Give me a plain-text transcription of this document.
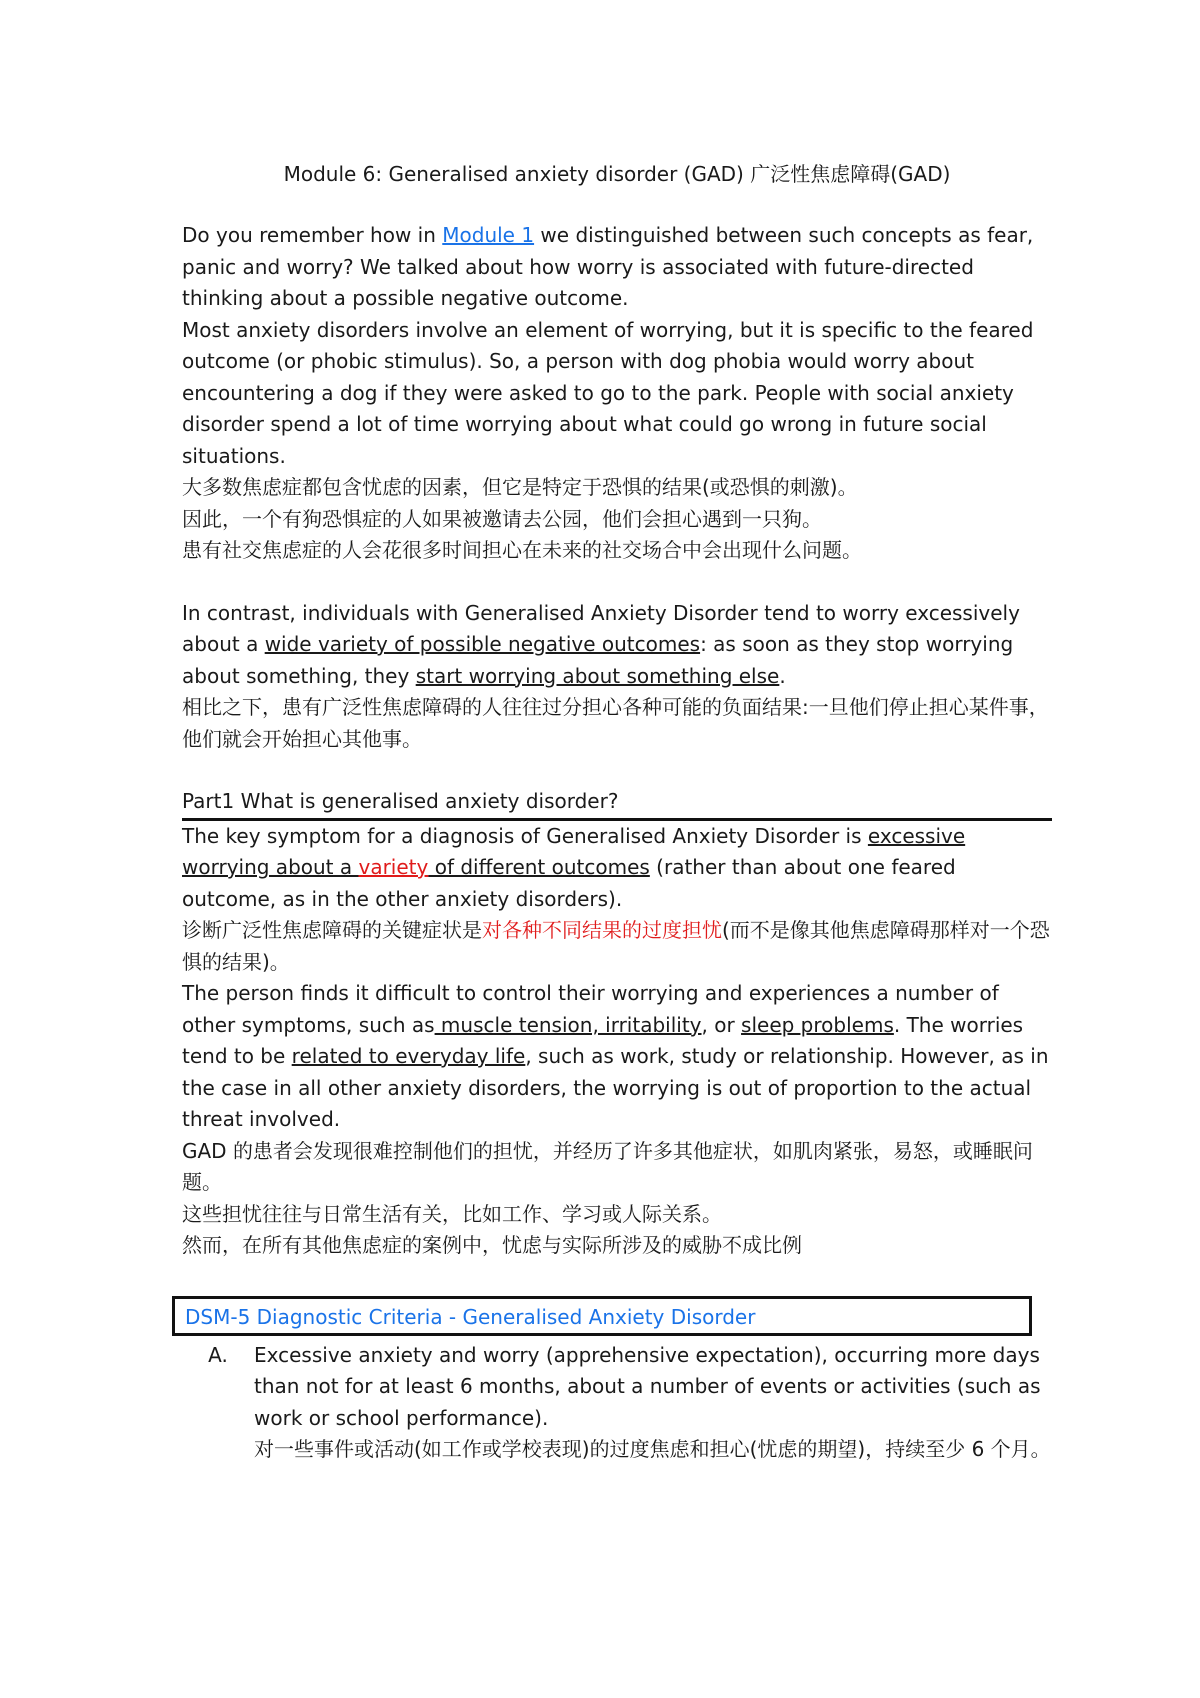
Module 6: Generalised anxiety disorder (GAD) 广泛性焦虑障碍(GAD)

Do you remember how in Module 1 we distinguished between such concepts as fear, panic and worry? We talked about how worry is associated with future-directed thinking about a possible negative outcome.

Most anxiety disorders involve an element of worrying, but it is specific to the feared outcome (or phobic stimulus). So, a person with dog phobia would worry about encountering a dog if they were asked to go to the park. People with social anxiety disorder spend a lot of time worrying about what could go wrong in future social situations.

大多数焦虑症都包含忧虑的因素，但它是特定于恐惧的结果(或恐惧的刺激)。

因此，一个有狗恐惧症的人如果被邀请去公园，他们会担心遇到一只狗。

患有社交焦虑症的人会花很多时间担心在未来的社交场合中会出现什么问题。

In contrast, individuals with Generalised Anxiety Disorder tend to worry excessively about a wide variety of possible negative outcomes: as soon as they stop worrying about something, they start worrying about something else.

相比之下，患有广泛性焦虑障碍的人往往过分担心各种可能的负面结果:一旦他们停止担心某件事，他们就会开始担心其他事。

Part1 What is generalised anxiety disorder?

The key symptom for a diagnosis of Generalised Anxiety Disorder is excessive worrying about a variety of different outcomes (rather than about one feared outcome, as in the other anxiety disorders).

诊断广泛性焦虑障碍的关键症状是对各种不同结果的过度担忧(而不是像其他焦虑障碍那样对一个恐惧的结果)。

The person finds it difficult to control their worrying and experiences a number of other symptoms, such as muscle tension, irritability, or sleep problems. The worries tend to be related to everyday life, such as work, study or relationship. However, as in the case in all other anxiety disorders, the worrying is out of proportion to the actual threat involved.

GAD 的患者会发现很难控制他们的担忧，并经历了许多其他症状，如肌肉紧张，易怒，或睡眠问题。

这些担忧往往与日常生活有关，比如工作、学习或人际关系。

然而，在所有其他焦虑症的案例中，忧虑与实际所涉及的威胁不成比例

DSM-5 Diagnostic Criteria - Generalised Anxiety Disorder
A.	Excessive anxiety and worry (apprehensive expectation), occurring more days than not for at least 6 months, about a number of events or activities (such as work or school performance).

对一些事件或活动(如工作或学校表现)的过度焦虑和担心(忧虑的期望)，持续至少 6 个月。
